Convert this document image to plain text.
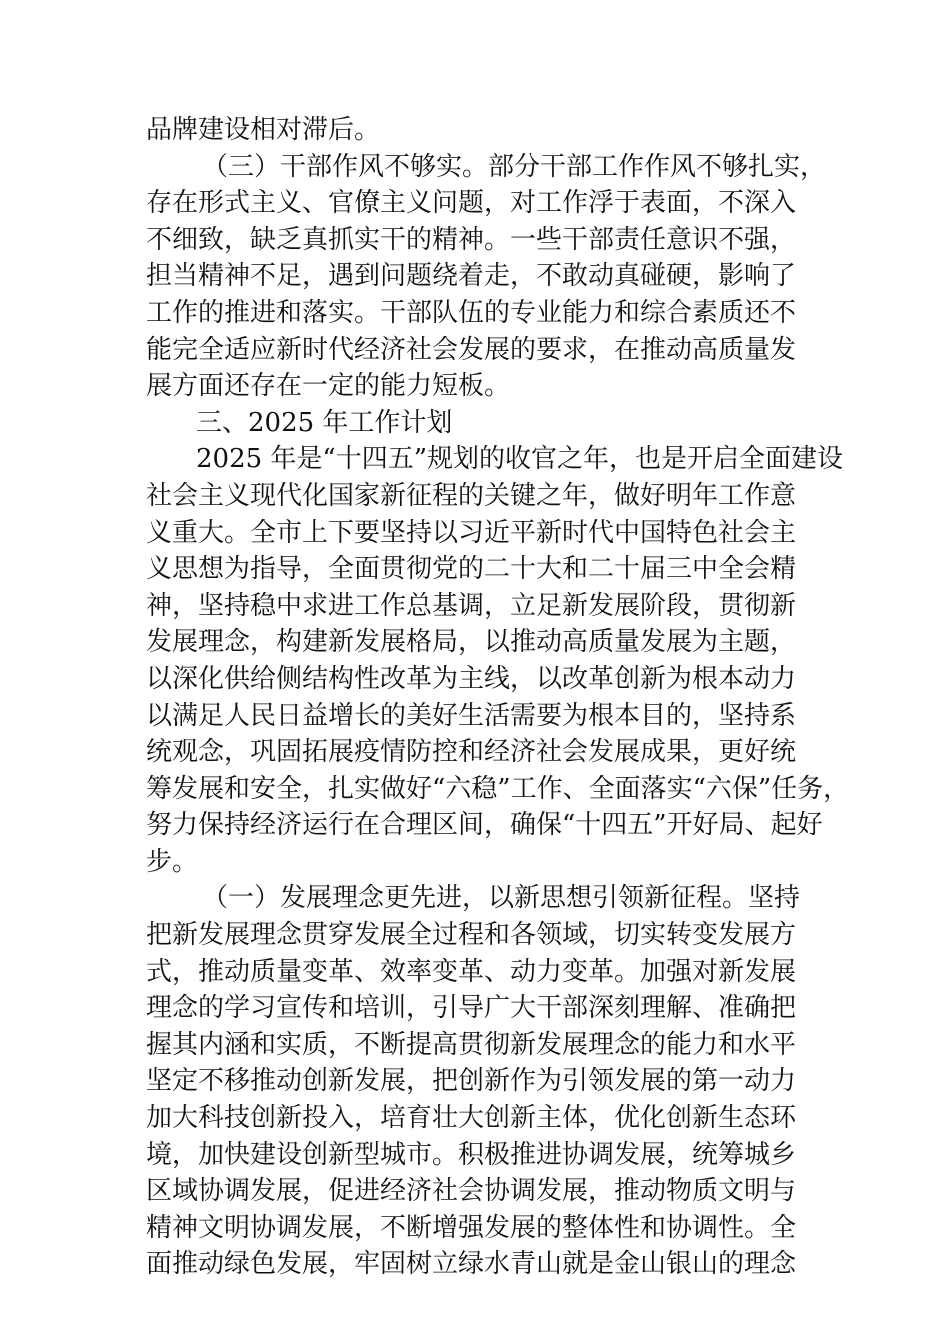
品牌建设相对滞后。
（三）干部作风不够实。部分干部工作作风不够扎实，
存在形式主义、官僚主义问题，对工作浮于表面，不深入
不细致，缺乏真抓实干的精神。一些干部责任意识不强，
担当精神不足，遇到问题绕着走，不敢动真碰硬，影响了
工作的推进和落实。干部队伍的专业能力和综合素质还不
能完全适应新时代经济社会发展的要求，在推动高质量发
展方面还存在一定的能力短板。
三、2025 年工作计划
2025 年是“十四五”规划的收官之年，也是开启全面建设
社会主义现代化国家新征程的关键之年，做好明年工作意
义重大。全市上下要坚持以习近平新时代中国特色社会主
义思想为指导，全面贯彻党的二十大和二十届三中全会精
神，坚持稳中求进工作总基调，立足新发展阶段，贯彻新
发展理念，构建新发展格局，以推动高质量发展为主题，
以深化供给侧结构性改革为主线，以改革创新为根本动力
以满足人民日益增长的美好生活需要为根本目的，坚持系
统观念，巩固拓展疫情防控和经济社会发展成果，更好统
筹发展和安全，扎实做好“六稳”工作、全面落实“六保”任务，
努力保持经济运行在合理区间，确保“十四五”开好局、起好
步。
（一）发展理念更先进，以新思想引领新征程。坚持
把新发展理念贯穿发展全过程和各领域，切实转变发展方
式，推动质量变革、效率变革、动力变革。加强对新发展
理念的学习宣传和培训，引导广大干部深刻理解、准确把
握其内涵和实质，不断提高贯彻新发展理念的能力和水平
坚定不移推动创新发展，把创新作为引领发展的第一动力
加大科技创新投入，培育壮大创新主体，优化创新生态环
境，加快建设创新型城市。积极推进协调发展，统筹城乡
区域协调发展，促进经济社会协调发展，推动物质文明与
精神文明协调发展，不断增强发展的整体性和协调性。全
面推动绿色发展，牢固树立绿水青山就是金山银山的理念
